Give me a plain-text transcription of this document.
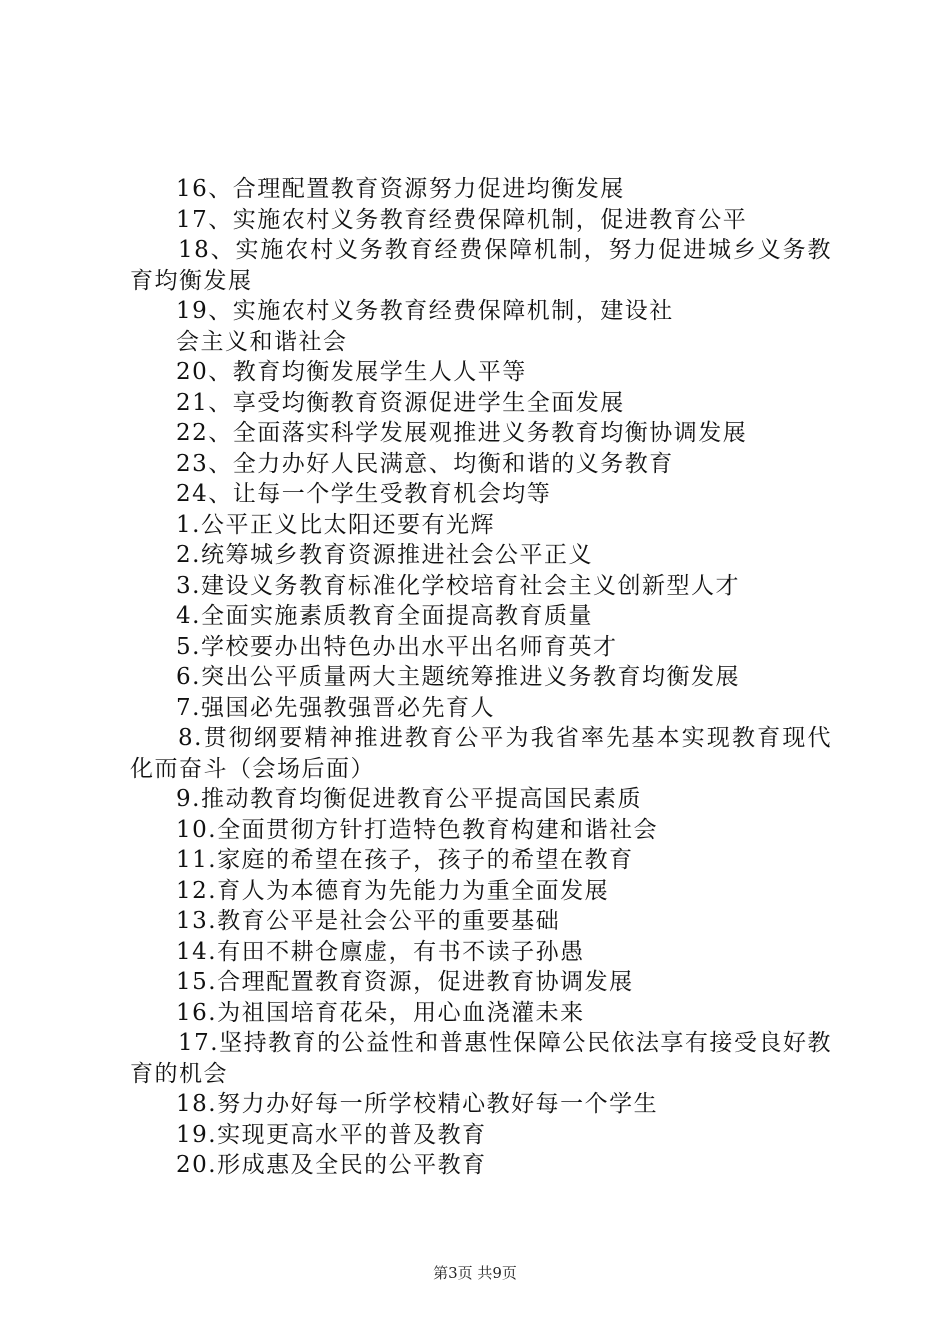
16、合理配置教育资源努力促进均衡发展
17、实施农村义务教育经费保障机制，促进教育公平
18、实施农村义务教育经费保障机制，努力促进城乡义务教育均衡发展
19、实施农村义务教育经费保障机制，建设社
会主义和谐社会
20、教育均衡发展学生人人平等
21、享受均衡教育资源促进学生全面发展
22、全面落实科学发展观推进义务教育均衡协调发展
23、全力办好人民满意、均衡和谐的义务教育
24、让每一个学生受教育机会均等
1.公平正义比太阳还要有光辉
2.统筹城乡教育资源推进社会公平正义
3.建设义务教育标准化学校培育社会主义创新型人才
4.全面实施素质教育全面提高教育质量
5.学校要办出特色办出水平出名师育英才
6.突出公平质量两大主题统筹推进义务教育均衡发展
7.强国必先强教强晋必先育人
8.贯彻纲要精神推进教育公平为我省率先基本实现教育现代化而奋斗（会场后面）
9.推动教育均衡促进教育公平提高国民素质
10.全面贯彻方针打造特色教育构建和谐社会
11.家庭的希望在孩子，孩子的希望在教育
12.育人为本德育为先能力为重全面发展
13.教育公平是社会公平的重要基础
14.有田不耕仓廪虚，有书不读子孙愚
15.合理配置教育资源，促进教育协调发展
16.为祖国培育花朵，用心血浇灌未来
17.坚持教育的公益性和普惠性保障公民依法享有接受良好教育的机会
18.努力办好每一所学校精心教好每一个学生
19.实现更高水平的普及教育
20.形成惠及全民的公平教育
第3页 共9页
